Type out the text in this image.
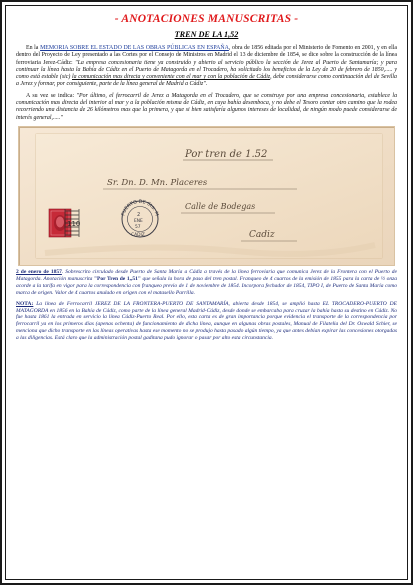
- ANOTACIONES MANUSCRITAS -
TREN DE LA 1,52

En la MEMORIA SOBRE EL ESTADO DE LAS OBRAS PÚBLICAS EN ESPAÑA, obra de 1856 editada por el Ministerio de Fomento en 2001, y en ella dentro del Proyecto de Ley presentado a las Cortes por el Consejo de Ministros en Madrid el 13 de diciembre de 1854, se dice sobre la construcción de la línea ferroviaria Jerez-Cádiz: "La empresa concesionaria tiene ya construido y abierto al servicio público la sección de Jerez al Puerto de Santamaría; y para continuar la línea hasta la Bahía de Cádiz en el Puerto de Matagorda en el Trocadero, ha solicitado los beneficios de la Ley de 20 de febrero de 1850,..... y como está estable (sic) la comunicación mas directa y conveniente con el mar y con la población de Cádiz, debe considerarse como continuación del de Sevilla a Jerez y formar, por consiguiente, parte de la línea general de Madrid a Cádiz".

A su vez se indica: "Por último, el ferrocarril de Jerez a Matagorda en el Trocadero, que se construye por una empresa concesionaria, establece la comunicación mas directa del interior al mar y a la población misma de Cádiz, en cuya bahía desemboca, y no debe el Tesoro contar otro camino que la rodea recorriendo una distancia de 26 kilómetros mas que la primera, y que si bien satisfaría algunos intereses de localidad, de ningún modo puede considerarse de interés general,....."

Por tren de 1.52
Sr. Dn. D. Mn. Placeres
Calle de Bodegas
Cadiz
110
PUERTO DE Sta. M
2
ENE
57
CADIZ

2 de enero de 1857. Sobrescrito circulado desde Puerto de Santa María a Cádiz a través de la línea ferroviaria que comunica Jerez de la Frontera con el Puerto de Matagorda. Anotación manuscrita "Por Tren de 1,,51" que señala la hora de paso del tren postal. Franqueo de 4 cuartos de la emisión de 1855 para la carta de ½ onza acorde a la tarifa en vigor para la correspondencia con franqueo previo de 1 de noviembre de 1854. Incorpora fechador de 1854, TIPO I, de Puerto de Santa María como marca de origen. Valor de 4 cuartos anulado en origen con el matasello Parrilla.

NOTA: La línea de Ferrocarril JEREZ DE LA FRONTERA-PUERTO DE SANTAMARÍA, abierta desde 1854, se amplió hasta EL TROCADERO-PUERTO DE MATAGORDA en 1856 en la Bahía de Cádiz, como parte de la línea general Madrid-Cádiz, desde donde se embarcaba para cruzar la bahía hasta su destino en Cádiz. No fue hasta 1861 la entrada en servicio la línea Cádiz-Puerto Real. Por ello, esta carta es de gran importancia porque evidencia el transporte de la correspondencia por ferrocarril ya en los primeros días (apenas ochenta) de funcionamiento de dicha línea, aunque en algunas obras postales, Manual de Filatelia del Dr. Oswald Schier, se menciona que dicho transporte en las líneas operativas hasta ese momento no se produjo hasta pasado algún tiempo, ya que antes debían expirar las concesiones otorgadas a las diligencias. Está claro que la administración postal gaditana pudo ignorar o pasar por alto esta circunstancia.
